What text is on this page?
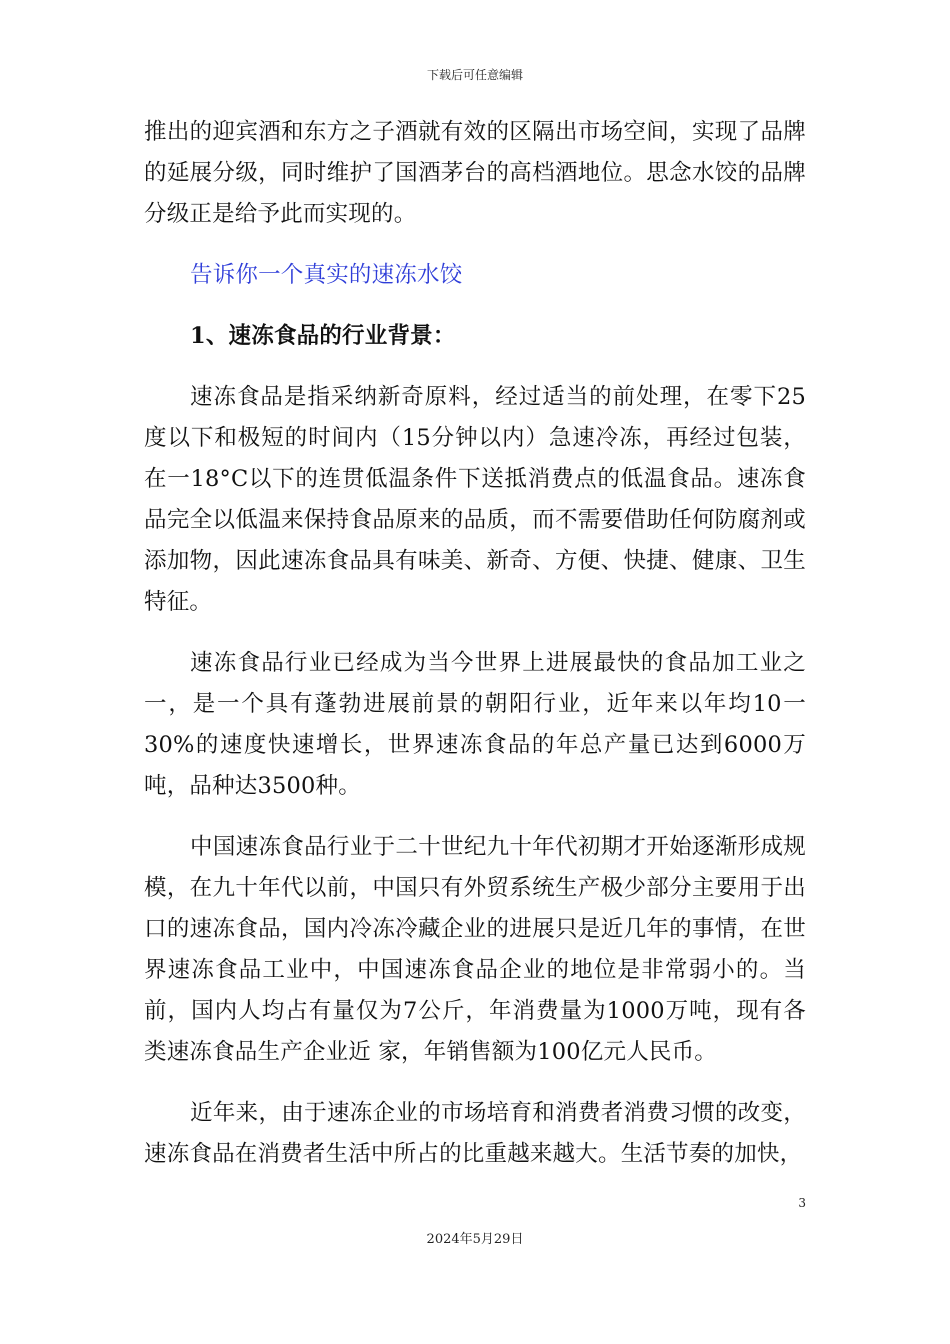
下载后可任意编辑

推出的迎宾酒和东方之子酒就有效的区隔出市场空间，实现了品牌的延展分级，同时维护了国酒茅台的高档酒地位。思念水饺的品牌分级正是给予此而实现的。

告诉你一个真实的速冻水饺

1、速冻食品的行业背景：

速冻食品是指采纳新奇原料，经过适当的前处理，在零下25度以下和极短的时间内（15分钟以内）急速冷冻，再经过包装，在一18°C以下的连贯低温条件下送抵消费点的低温食品。速冻食品完全以低温来保持食品原来的品质，而不需要借助任何防腐剂或添加物，因此速冻食品具有味美、新奇、方便、快捷、健康、卫生特征。

速冻食品行业已经成为当今世界上进展最快的食品加工业之一，是一个具有蓬勃进展前景的朝阳行业，近年来以年均10一30%的速度快速增长，世界速冻食品的年总产量已达到6000万吨，品种达3500种。

中国速冻食品行业于二十世纪九十年代初期才开始逐渐形成规模，在九十年代以前，中国只有外贸系统生产极少部分主要用于出口的速冻食品，国内冷冻冷藏企业的进展只是近几年的事情，在世界速冻食品工业中，中国速冻食品企业的地位是非常弱小的。当前，国内人均占有量仅为7公斤，年消费量为1000万吨，现有各类速冻食品生产企业近 家，年销售额为100亿元人民币。

近年来，由于速冻企业的市场培育和消费者消费习惯的改变，速冻食品在消费者生活中所占的比重越来越大。生活节奏的加快，

3
2024年5月29日
